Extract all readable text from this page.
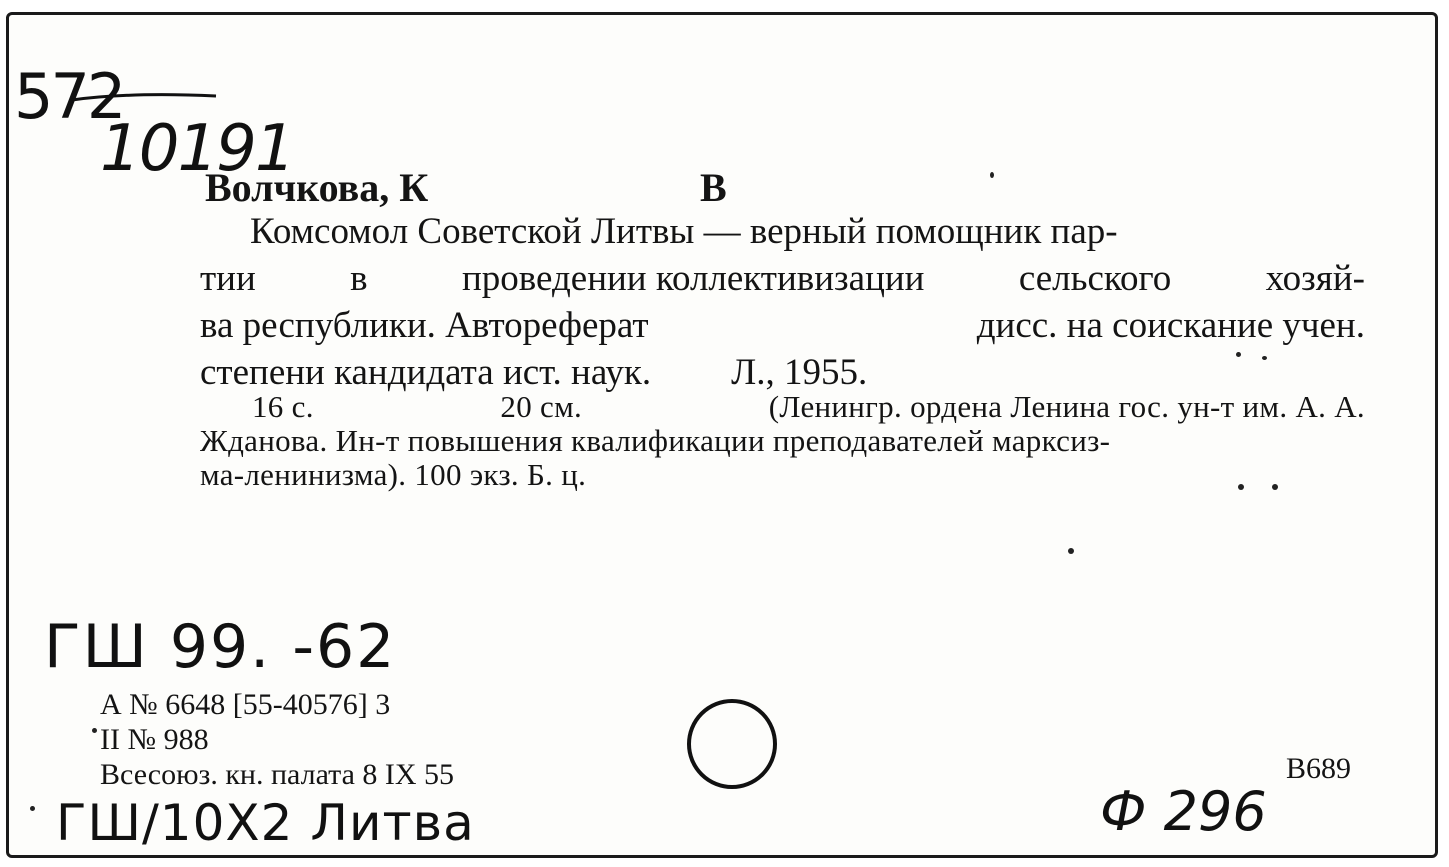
572
10191
Волчкова, К	В
Комсомол Советской Литвы — верный помощник пар-
тии	в	проведении коллективизации	сельского	хозяй-
ва республики. Автореферат	дисс. на соискание учен.
степени кандидата ист. наук. Л., 1955.
16 с.	20 см.	(Ленингр. ордена Ленина гос. ун-т им. А. А.
Жданова. Ин-т повышения квалификации преподавателей марксиз-
ма-ленинизма). 100 экз. Б. ц.
ГШ 99. -62
А № 6648 [55-40576] 3
II № 988
Всесоюз. кн. палата 8 IX 55
ГШ/10Х2 Литва
В689
Ф 296
